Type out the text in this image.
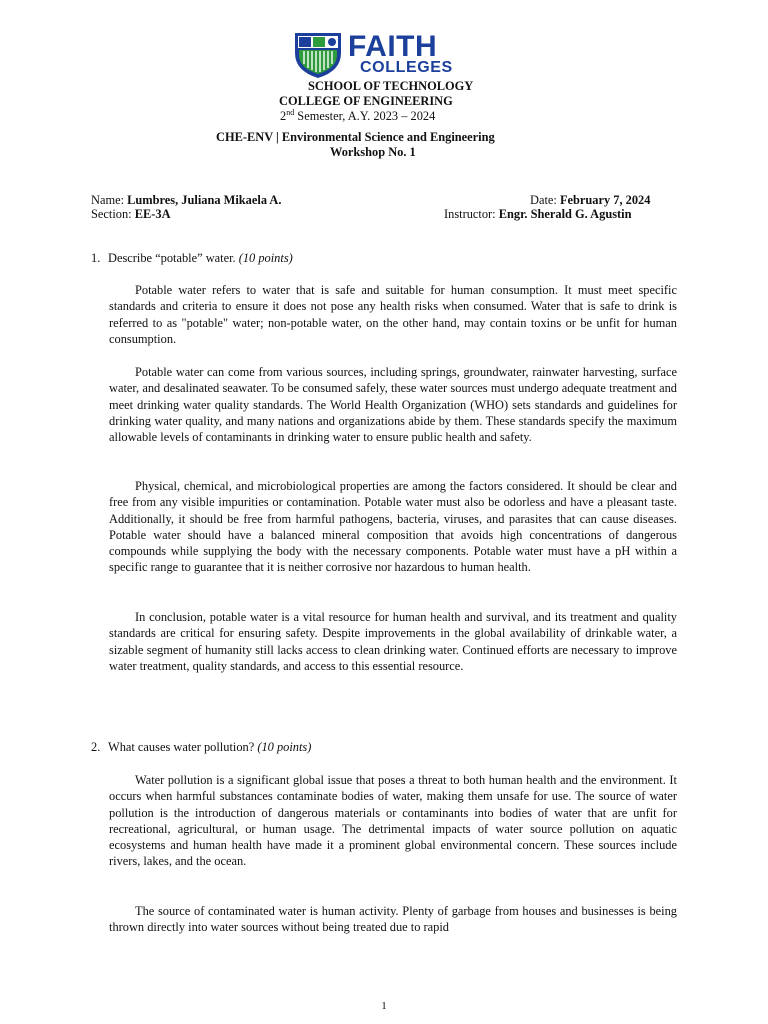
FAITH
COLLEGES
SCHOOL OF TECHNOLOGY
COLLEGE OF ENGINEERING
2nd Semester, A.Y. 2023 – 2024
CHE-ENV | Environmental Science and Engineering
Workshop No. 1
Name: Lumbres, Juliana Mikaela A.	Date: February 7, 2024
Section: EE-3A	Instructor: Engr. Sherald G. Agustin
1. Describe “potable” water. (10 points)

Potable water refers to water that is safe and suitable for human consumption. It must meet specific standards and criteria to ensure it does not pose any health risks when consumed. Water that is safe to drink is referred to as "potable" water; non-potable water, on the other hand, may contain toxins or be unfit for human consumption.

Potable water can come from various sources, including springs, groundwater, rainwater harvesting, surface water, and desalinated seawater. To be consumed safely, these water sources must undergo adequate treatment and meet drinking water quality standards. The World Health Organization (WHO) sets standards and guidelines for drinking water quality, and many nations and organizations abide by them. These standards specify the maximum allowable levels of contaminants in drinking water to ensure public health and safety.

Physical, chemical, and microbiological properties are among the factors considered. It should be clear and free from any visible impurities or contamination. Potable water must also be odorless and have a pleasant taste. Additionally, it should be free from harmful pathogens, bacteria, viruses, and parasites that can cause diseases. Potable water should have a balanced mineral composition that avoids high concentrations of dangerous compounds while supplying the body with the necessary components. Potable water must have a pH within a specific range to guarantee that it is neither corrosive nor hazardous to human health.

In conclusion, potable water is a vital resource for human health and survival, and its treatment and quality standards are critical for ensuring safety. Despite improvements in the global availability of drinkable water, a sizable segment of humanity still lacks access to clean drinking water. Continued efforts are necessary to improve water treatment, quality standards, and access to this essential resource.

2. What causes water pollution? (10 points)

Water pollution is a significant global issue that poses a threat to both human health and the environment. It occurs when harmful substances contaminate bodies of water, making them unsafe for use. The source of water pollution is the introduction of dangerous materials or contaminants into bodies of water that are unfit for recreational, agricultural, or human usage. The detrimental impacts of water source pollution on aquatic ecosystems and human health have made it a prominent global environmental concern. These sources include rivers, lakes, and the ocean.

The source of contaminated water is human activity. Plenty of garbage from houses and businesses is being thrown directly into water sources without being treated due to rapid

1
